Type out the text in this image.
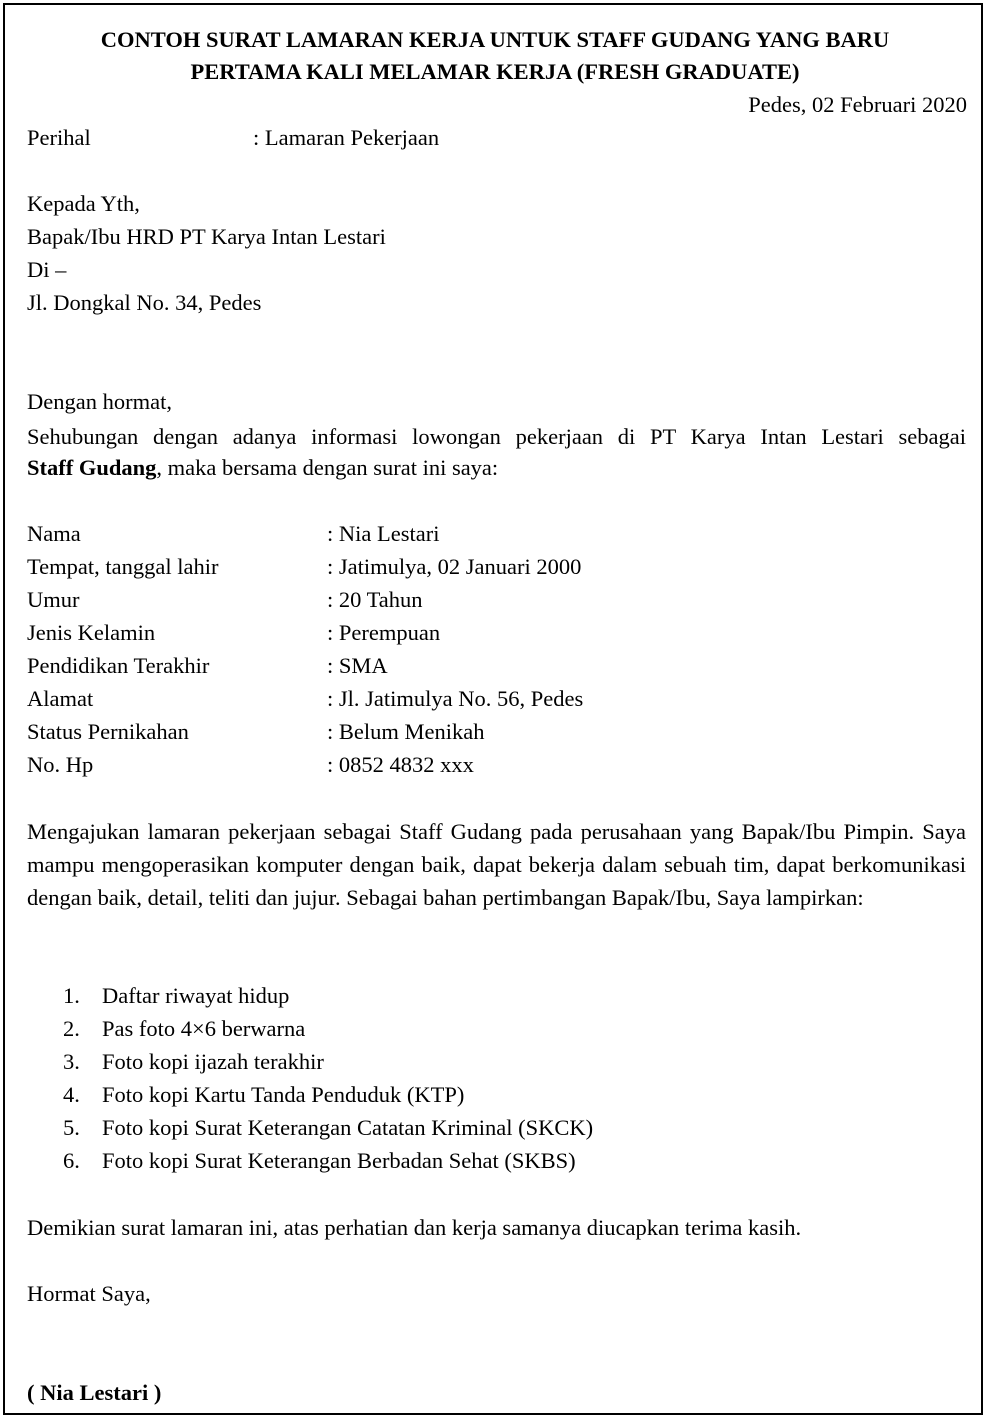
CONTOH SURAT LAMARAN KERJA UNTUK STAFF GUDANG YANG BARU
PERTAMA KALI MELAMAR KERJA (FRESH GRADUATE)
Pedes, 02 Februari 2020
Perihal	: Lamaran Pekerjaan
Kepada Yth,
Bapak/Ibu HRD PT Karya Intan Lestari
Di –
Jl. Dongkal No. 34, Pedes
Dengan hormat,
Sehubungan dengan adanya informasi lowongan pekerjaan di PT Karya Intan Lestari sebagai
Staff Gudang, maka bersama dengan surat ini saya:
Nama	: Nia Lestari
Tempat, tanggal lahir	: Jatimulya, 02 Januari 2000
Umur	: 20 Tahun
Jenis Kelamin	: Perempuan
Pendidikan Terakhir	: SMA
Alamat	: Jl. Jatimulya No. 56, Pedes
Status Pernikahan	: Belum Menikah
No. Hp	: 0852 4832 xxx
Mengajukan lamaran pekerjaan sebagai Staff Gudang pada perusahaan yang Bapak/Ibu Pimpin. Saya mampu mengoperasikan komputer dengan baik, dapat bekerja dalam sebuah tim, dapat berkomunikasi dengan baik, detail, teliti dan jujur. Sebagai bahan pertimbangan Bapak/Ibu, Saya lampirkan:
1. Daftar riwayat hidup
2. Pas foto 4×6 berwarna
3. Foto kopi ijazah terakhir
4. Foto kopi Kartu Tanda Penduduk (KTP)
5. Foto kopi Surat Keterangan Catatan Kriminal (SKCK)
6. Foto kopi Surat Keterangan Berbadan Sehat (SKBS)
Demikian surat lamaran ini, atas perhatian dan kerja samanya diucapkan terima kasih.
Hormat Saya,
( Nia Lestari )
